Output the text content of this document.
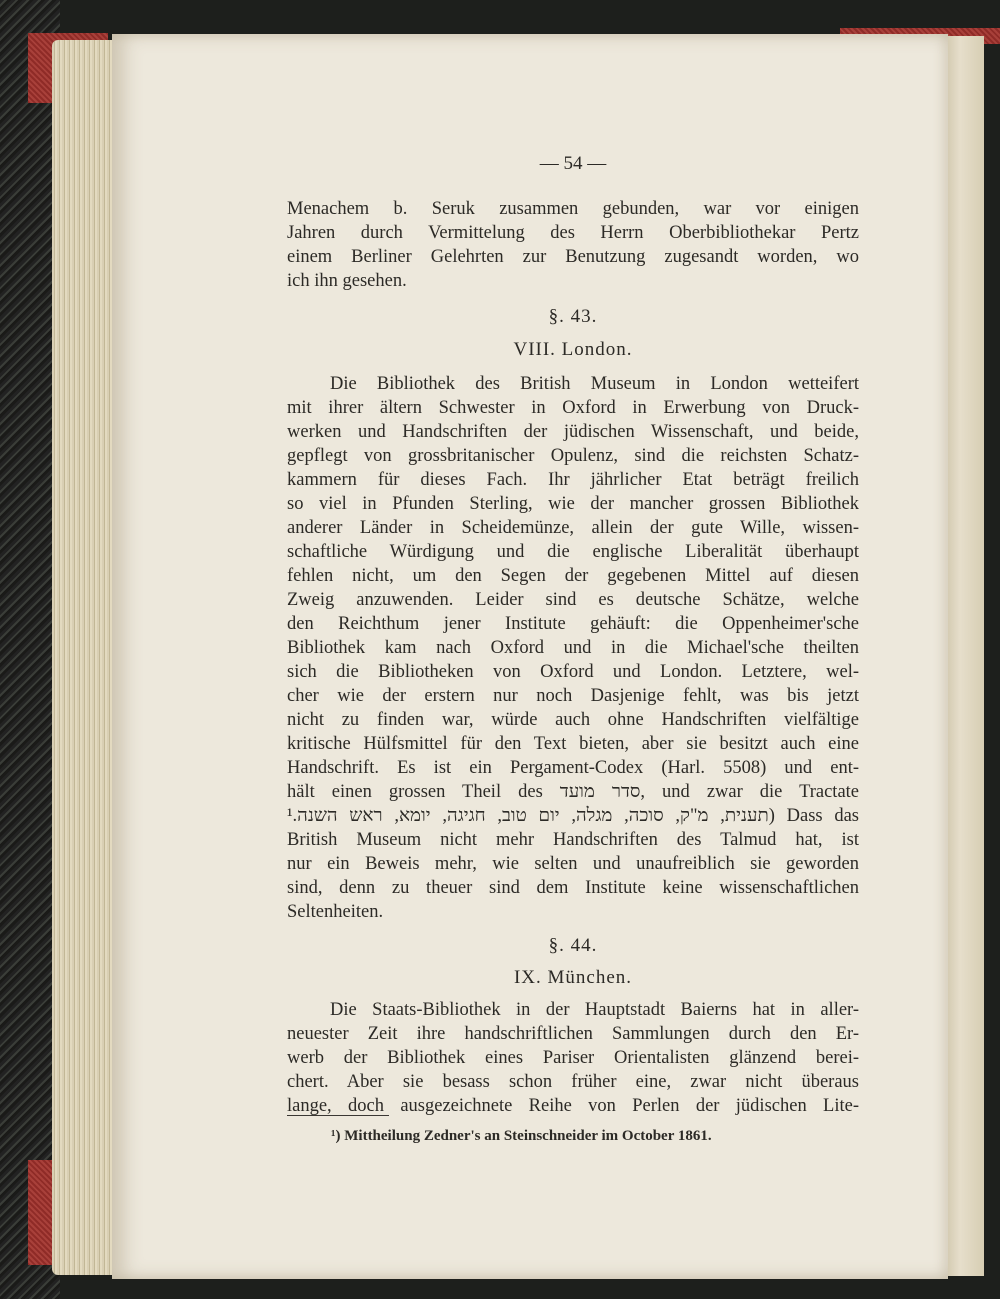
— 54 —
Menachem b. Seruk zusammen gebunden, war vor einigen
Jahren durch Vermittelung des Herrn Oberbibliothekar Pertz
einem Berliner Gelehrten zur Benutzung zugesandt worden, wo
ich ihn gesehen.
§. 43.
VIII. London.
Die Bibliothek des British Museum in London wetteifert
mit ihrer ältern Schwester in Oxford in Erwerbung von Druck-
werken und Handschriften der jüdischen Wissenschaft, und beide,
gepflegt von grossbritanischer Opulenz, sind die reichsten Schatz-
kammern für dieses Fach. Ihr jährlicher Etat beträgt freilich
so viel in Pfunden Sterling, wie der mancher grossen Bibliothek
anderer Länder in Scheidemünze, allein der gute Wille, wissen-
schaftliche Würdigung und die englische Liberalität überhaupt
fehlen nicht, um den Segen der gegebenen Mittel auf diesen
Zweig anzuwenden. Leider sind es deutsche Schätze, welche
den Reichthum jener Institute gehäuft: die Oppenheimer'sche
Bibliothek kam nach Oxford und in die Michael'sche theilten
sich die Bibliotheken von Oxford und London. Letztere, wel-
cher wie der erstern nur noch Dasjenige fehlt, was bis jetzt
nicht zu finden war, würde auch ohne Handschriften vielfältige
kritische Hülfsmittel für den Text bieten, aber sie besitzt auch eine
Handschrift. Es ist ein Pergament-Codex (Harl. 5508) und ent-
hält einen grossen Theil des סדר מועד, und zwar die Tractate
תענית, מ"ק, סוכה, מגלה, יום טוב, חגיגה, יומא, ראש השנה.¹) Dass das
British Museum nicht mehr Handschriften des Talmud hat, ist
nur ein Beweis mehr, wie selten und unaufreiblich sie geworden
sind, denn zu theuer sind dem Institute keine wissenschaftlichen
Seltenheiten.
§. 44.
IX. München.
Die Staats-Bibliothek in der Hauptstadt Baierns hat in aller-
neuester Zeit ihre handschriftlichen Sammlungen durch den Er-
werb der Bibliothek eines Pariser Orientalisten glänzend berei-
chert. Aber sie besass schon früher eine, zwar nicht überaus
lange, doch ausgezeichnete Reihe von Perlen der jüdischen Lite-
¹) Mittheilung Zedner's an Steinschneider im October 1861.
